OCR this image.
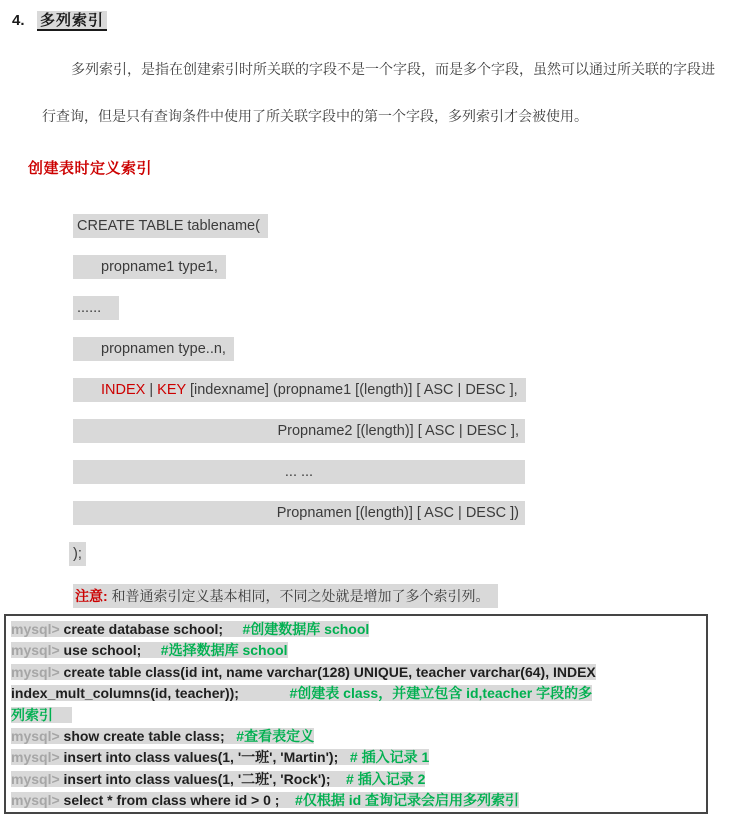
4. 多列索引
多列索引，是指在创建索引时所关联的字段不是一个字段，而是多个字段，虽然可以通过所关联的字段进行查询，但是只有查询条件中使用了所关联字段中的第一个字段，多列索引才会被使用。
创建表时定义索引
CREATE TABLE tablename(
propname1 type1,
......
propnamen type..n,
INDEX | KEY [indexname] (propname1 [(length)] [ ASC | DESC ],
Propname2 [(length)] [ ASC | DESC ],
... ...
Propnamen [(length)] [ ASC | DESC ])
);
注意: 和普通索引定义基本相同，不同之处就是增加了多个索引列。
mysql> create database school;     #创建数据库 school
mysql> use school;     #选择数据库 school
mysql> create table class(id int, name varchar(128) UNIQUE, teacher varchar(64), INDEX
index_mult_columns(id, teacher));             #创建表 class，并建立包含 id,teacher 字段的多
列索引
mysql> show create table class;   #查看表定义
mysql> insert into class values(1, '一班', 'Martin');   # 插入记录 1
mysql> insert into class values(1, '二班', 'Rock');    # 插入记录 2
mysql> select * from class where id > 0 ;    #仅根据 id 查询记录会启用多列索引
